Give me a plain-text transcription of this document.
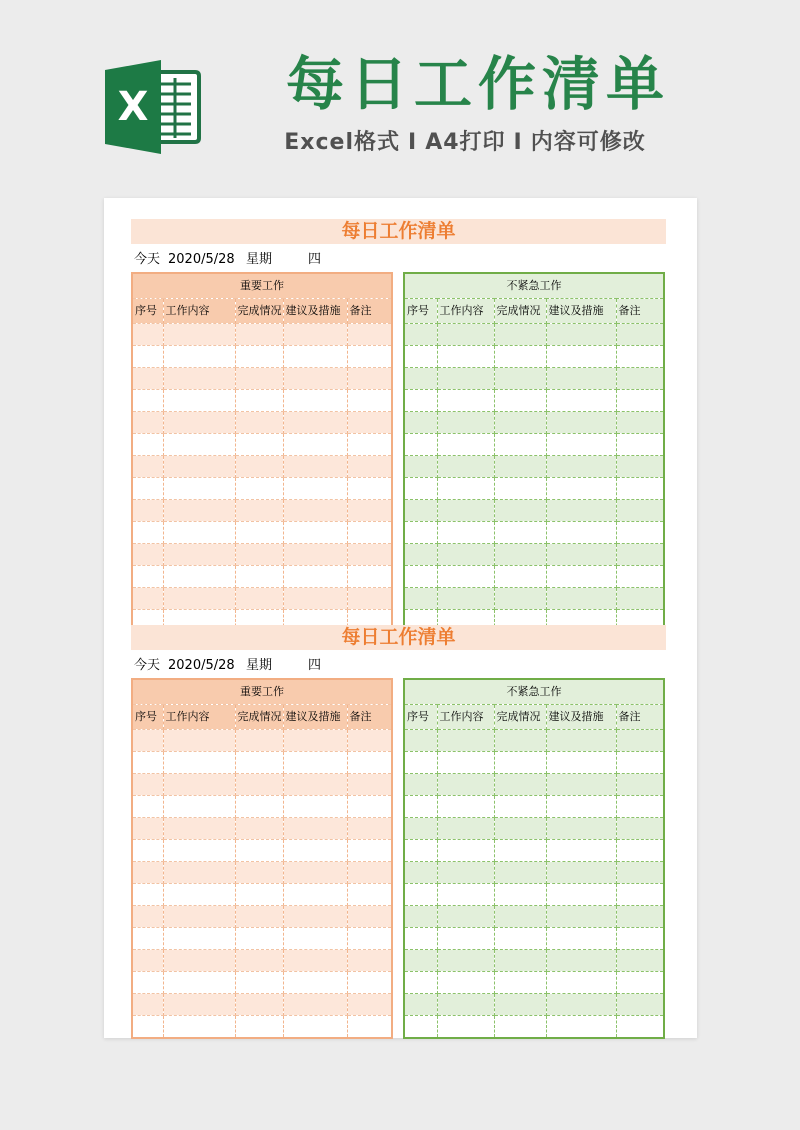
X	每日工作清单
Excel格式 I A4打印 I 内容可修改
每日工作清单
今天 2020/5/28 星期	四
重要工作				
序号	工作内容	完成情况	建议及措施	备注

不紧急工作				
序号	工作内容	完成情况	建议及措施	备注

每日工作清单
今天 2020/5/28 星期	四
重要工作				
序号	工作内容	完成情况	建议及措施	备注

不紧急工作				
序号	工作内容	完成情况	建议及措施	备注
